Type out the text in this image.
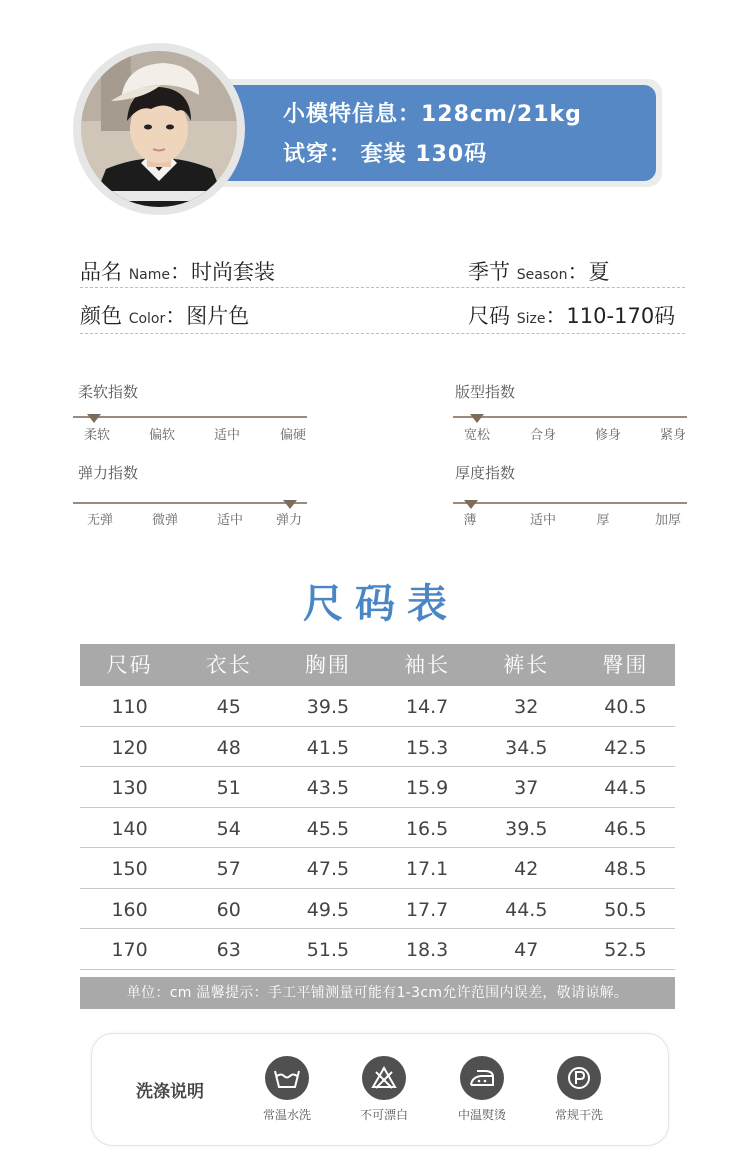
小模特信息：128cm/21kg
试穿： 套装 130码
品名 Name：时尚套装	季节 Season：夏
颜色 Color：图片色	尺码 Size：110-170码
柔软指数
柔软	偏软	适中	偏硬
版型指数
宽松	合身	修身	紧身
弹力指数
无弹	微弹	适中	弹力
厚度指数
薄	适中	厚	加厚
尺码表
尺码	衣长	胸围	袖长	裤长	臀围
110	45	39.5	14.7	32	40.5
120	48	41.5	15.3	34.5	42.5
130	51	43.5	15.9	37	44.5
140	54	45.5	16.5	39.5	46.5
150	57	47.5	17.1	42	48.5
160	60	49.5	17.7	44.5	50.5
170	63	51.5	18.3	47	52.5
单位：cm 温馨提示：手工平铺测量可能有1-3cm允许范围内误差，敬请谅解。
洗涤说明
常温水洗	不可漂白	中温熨烫	常规干洗
